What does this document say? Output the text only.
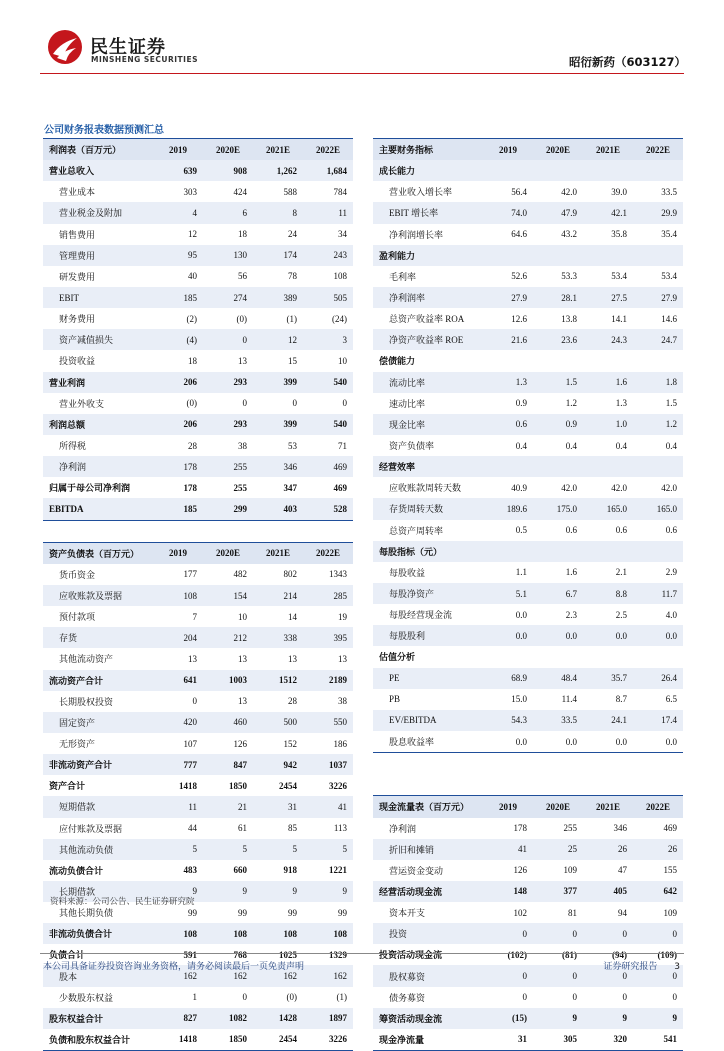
民生证券
MINSHENG SECURITIES	昭衍新药（603127）
公司财务报表数据预测汇总
利润表（百万元）	2019	2020E	2021E	2022E
营业总收入	639	908	1,262	1,684
营业成本	303	424	588	784
营业税金及附加	4	6	8	11
销售费用	12	18	24	34
管理费用	95	130	174	243
研发费用	40	56	78	108
EBIT	185	274	389	505
财务费用	(2)	(0)	(1)	(24)
资产减值损失	(4)	0	12	3
投资收益	18	13	15	10
营业利润	206	293	399	540
营业外收支	(0)	0	0	0
利润总额	206	293	399	540
所得税	28	38	53	71
净利润	178	255	346	469
归属于母公司净利润	178	255	347	469
EBITDA	185	299	403	528

资产负债表（百万元）	2019	2020E	2021E	2022E
货币资金	177	482	802	1343
应收账款及票据	108	154	214	285
预付款项	7	10	14	19
存货	204	212	338	395
其他流动资产	13	13	13	13
流动资产合计	641	1003	1512	2189
长期股权投资	0	13	28	38
固定资产	420	460	500	550
无形资产	107	126	152	186
非流动资产合计	777	847	942	1037
资产合计	1418	1850	2454	3226
短期借款	11	21	31	41
应付账款及票据	44	61	85	113
其他流动负债	5	5	5	5
流动负债合计	483	660	918	1221
长期借款	9	9	9	9
其他长期负债	99	99	99	99
非流动负债合计	108	108	108	108
负债合计	591	768	1025	1329
股本	162	162	162	162
少数股东权益	1	0	(0)	(1)
股东权益合计	827	1082	1428	1897
负债和股东权益合计	1418	1850	2454	3226
主要财务指标	2019	2020E	2021E	2022E
成长能力				
营业收入增长率	56.4	42.0	39.0	33.5
EBIT 增长率	74.0	47.9	42.1	29.9
净利润增长率	64.6	43.2	35.8	35.4
盈利能力				
毛利率	52.6	53.3	53.4	53.4
净利润率	27.9	28.1	27.5	27.9
总资产收益率 ROA	12.6	13.8	14.1	14.6
净资产收益率 ROE	21.6	23.6	24.3	24.7
偿债能力				
流动比率	1.3	1.5	1.6	1.8
速动比率	0.9	1.2	1.3	1.5
现金比率	0.6	0.9	1.0	1.2
资产负债率	0.4	0.4	0.4	0.4
经营效率				
应收账款周转天数	40.9	42.0	42.0	42.0
存货周转天数	189.6	175.0	165.0	165.0
总资产周转率	0.5	0.6	0.6	0.6
每股指标（元）				
每股收益	1.1	1.6	2.1	2.9
每股净资产	5.1	6.7	8.8	11.7
每股经营现金流	0.0	2.3	2.5	4.0
每股股利	0.0	0.0	0.0	0.0
估值分析				
PE	68.9	48.4	35.7	26.4
PB	15.0	11.4	8.7	6.5
EV/EBITDA	54.3	33.5	24.1	17.4
股息收益率	0.0	0.0	0.0	0.0

现金流量表（百万元）	2019	2020E	2021E	2022E
净利润	178	255	346	469
折旧和摊销	41	25	26	26
营运资金变动	126	109	47	155
经营活动现金流	148	377	405	642
资本开支	102	81	94	109
投资	0	0	0	0
投资活动现金流	(102)	(81)	(94)	(109)
股权募资	0	0	0	0
债务募资	0	0	0	0
筹资活动现金流	(15)	9	9	9
现金净流量	31	305	320	541
资料来源：公司公告、民生证券研究院
本公司具备证券投资咨询业务资格，请务必阅读最后一页免责声明	证券研究报告 3
